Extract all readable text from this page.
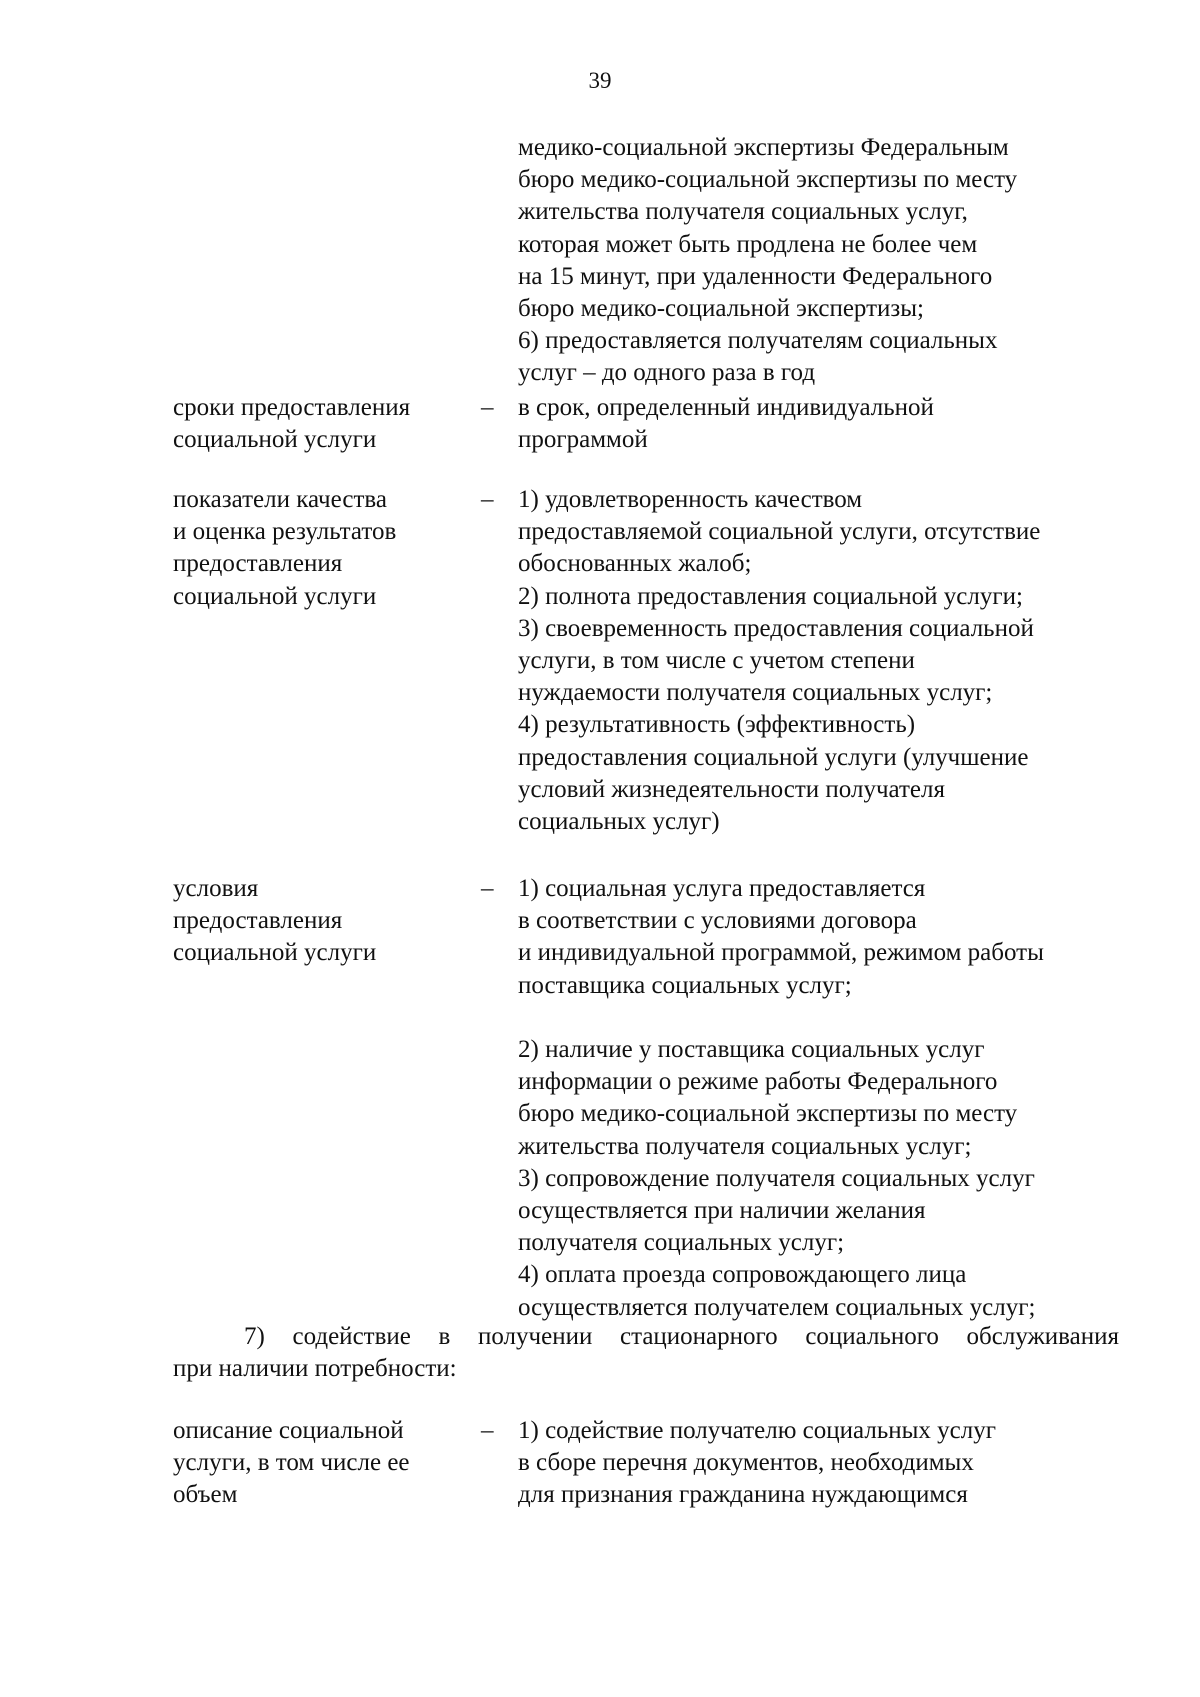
39
медико-социальной экспертизы Федеральным
бюро медико-социальной экспертизы по месту
жительства получателя социальных услуг,
которая может быть продлена не более чем
на 15 минут, при удаленности Федерального
бюро медико-социальной экспертизы;
6) предоставляется получателям социальных
услуг – до одного раза в год
сроки предоставления
социальной услуги
– в срок, определенный индивидуальной
программой
показатели качества
и оценка результатов
предоставления
социальной услуги
– 1) удовлетворенность качеством
предоставляемой социальной услуги, отсутствие
обоснованных жалоб;
2) полнота предоставления социальной услуги;
3) своевременность предоставления социальной
услуги, в том числе с учетом степени
нуждаемости получателя социальных услуг;
4) результативность (эффективность)
предоставления социальной услуги (улучшение
условий жизнедеятельности получателя
социальных услуг)
условия
предоставления
социальной услуги
– 1) социальная услуга предоставляется
в соответствии с условиями договора
и индивидуальной программой, режимом работы
поставщика социальных услуг;

2) наличие у поставщика социальных услуг
информации о режиме работы Федерального
бюро медико-социальной экспертизы по месту
жительства получателя социальных услуг;
3) сопровождение получателя социальных услуг
осуществляется при наличии желания
получателя социальных услуг;
4) оплата проезда сопровождающего лица
осуществляется получателем социальных услуг;
7) содействие в получении стационарного социального обслуживания
при наличии потребности:
описание социальной
услуги, в том числе ее
объем
– 1) содействие получателю социальных услуг
в сборе перечня документов, необходимых
для признания гражданина нуждающимся
